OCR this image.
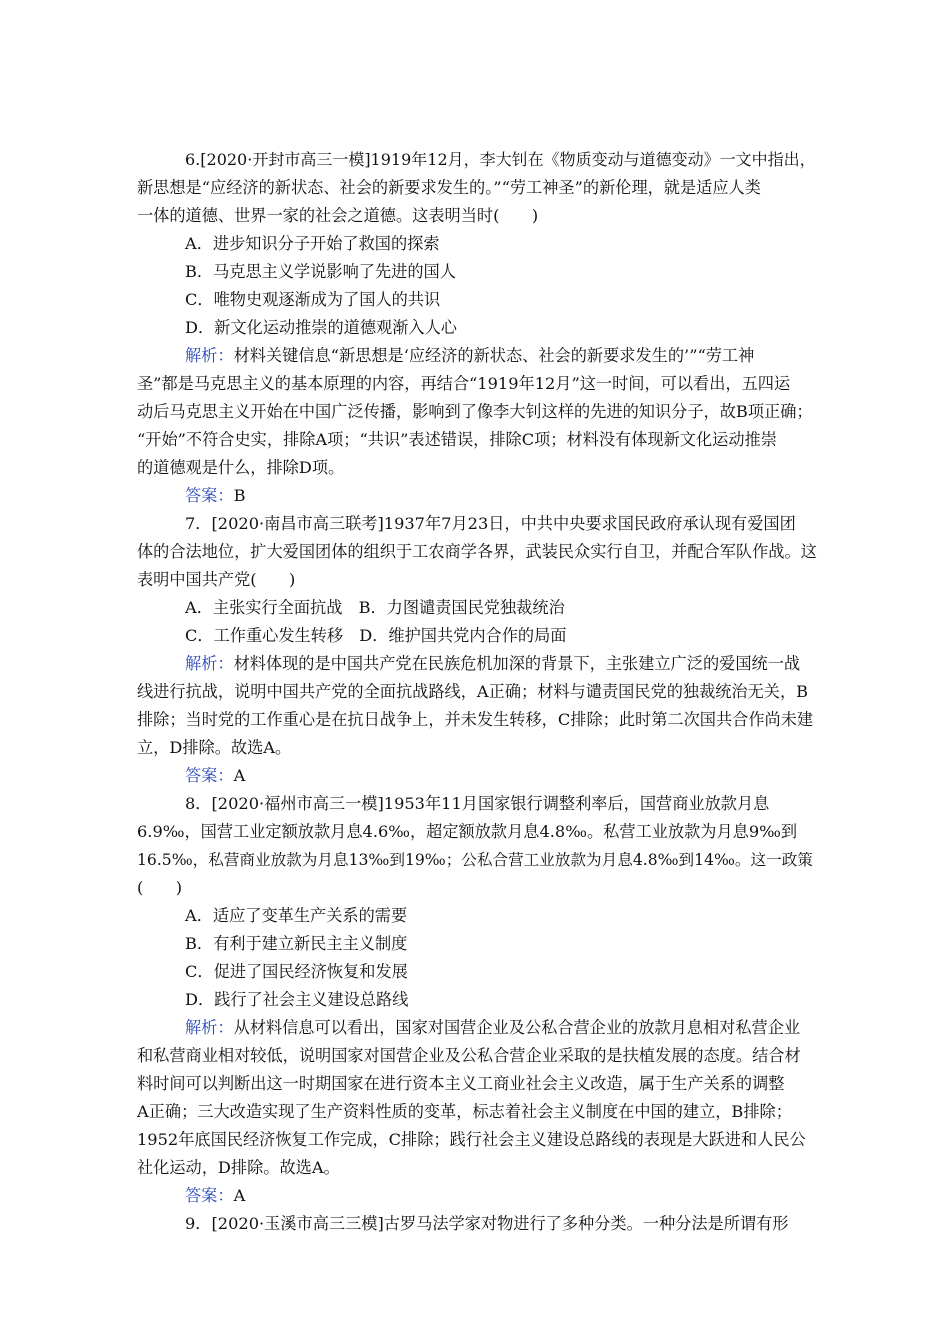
6.[2020·开封市高三一模]1919年12月，李大钊在《物质变动与道德变动》一文中指出，
新思想是“应经济的新状态、社会的新要求发生的。”“劳工神圣”的新伦理，就是适应人类
一体的道德、世界一家的社会之道德。这表明当时(　　)
A．进步知识分子开始了救国的探索
B．马克思主义学说影响了先进的国人
C．唯物史观逐渐成为了国人的共识
D．新文化运动推崇的道德观渐入人心
解析：材料关键信息“新思想是‘应经济的新状态、社会的新要求发生的’”“劳工神
圣”都是马克思主义的基本原理的内容，再结合“1919年12月”这一时间，可以看出，五四运
动后马克思主义开始在中国广泛传播，影响到了像李大钊这样的先进的知识分子，故B项正确；
“开始”不符合史实，排除A项；“共识”表述错误，排除C项；材料没有体现新文化运动推崇
的道德观是什么，排除D项。
答案：B
7．[2020·南昌市高三联考]1937年7月23日，中共中央要求国民政府承认现有爱国团
体的合法地位，扩大爱国团体的组织于工农商学各界，武装民众实行自卫，并配合军队作战。这
表明中国共产党(　　)
A．主张实行全面抗战　B．力图谴责国民党独裁统治
C．工作重心发生转移　D．维护国共党内合作的局面
解析：材料体现的是中国共产党在民族危机加深的背景下，主张建立广泛的爱国统一战
线进行抗战，说明中国共产党的全面抗战路线，A正确；材料与谴责国民党的独裁统治无关，B
排除；当时党的工作重心是在抗日战争上，并未发生转移，C排除；此时第二次国共合作尚未建
立，D排除。故选A。
答案：A
8．[2020·福州市高三一模]1953年11月国家银行调整利率后，国营商业放款月息
6.9‰，国营工业定额放款月息4.6‰，超定额放款月息4.8‰。私营工业放款为月息9‰到
16.5‰，私营商业放款为月息13‰到19‰；公私合营工业放款为月息4.8‰到14‰。这一政策
(　　)
A．适应了变革生产关系的需要
B．有利于建立新民主主义制度
C．促进了国民经济恢复和发展
D．践行了社会主义建设总路线
解析：从材料信息可以看出，国家对国营企业及公私合营企业的放款月息相对私营企业
和私营商业相对较低，说明国家对国营企业及公私合营企业采取的是扶植发展的态度。结合材
料时间可以判断出这一时期国家在进行资本主义工商业社会主义改造，属于生产关系的调整
A正确；三大改造实现了生产资料性质的变革，标志着社会主义制度在中国的建立，B排除；
1952年底国民经济恢复工作完成，C排除；践行社会主义建设总路线的表现是大跃进和人民公
社化运动，D排除。故选A。
答案：A
9．[2020·玉溪市高三三模]古罗马法学家对物进行了多种分类。一种分法是所谓有形
